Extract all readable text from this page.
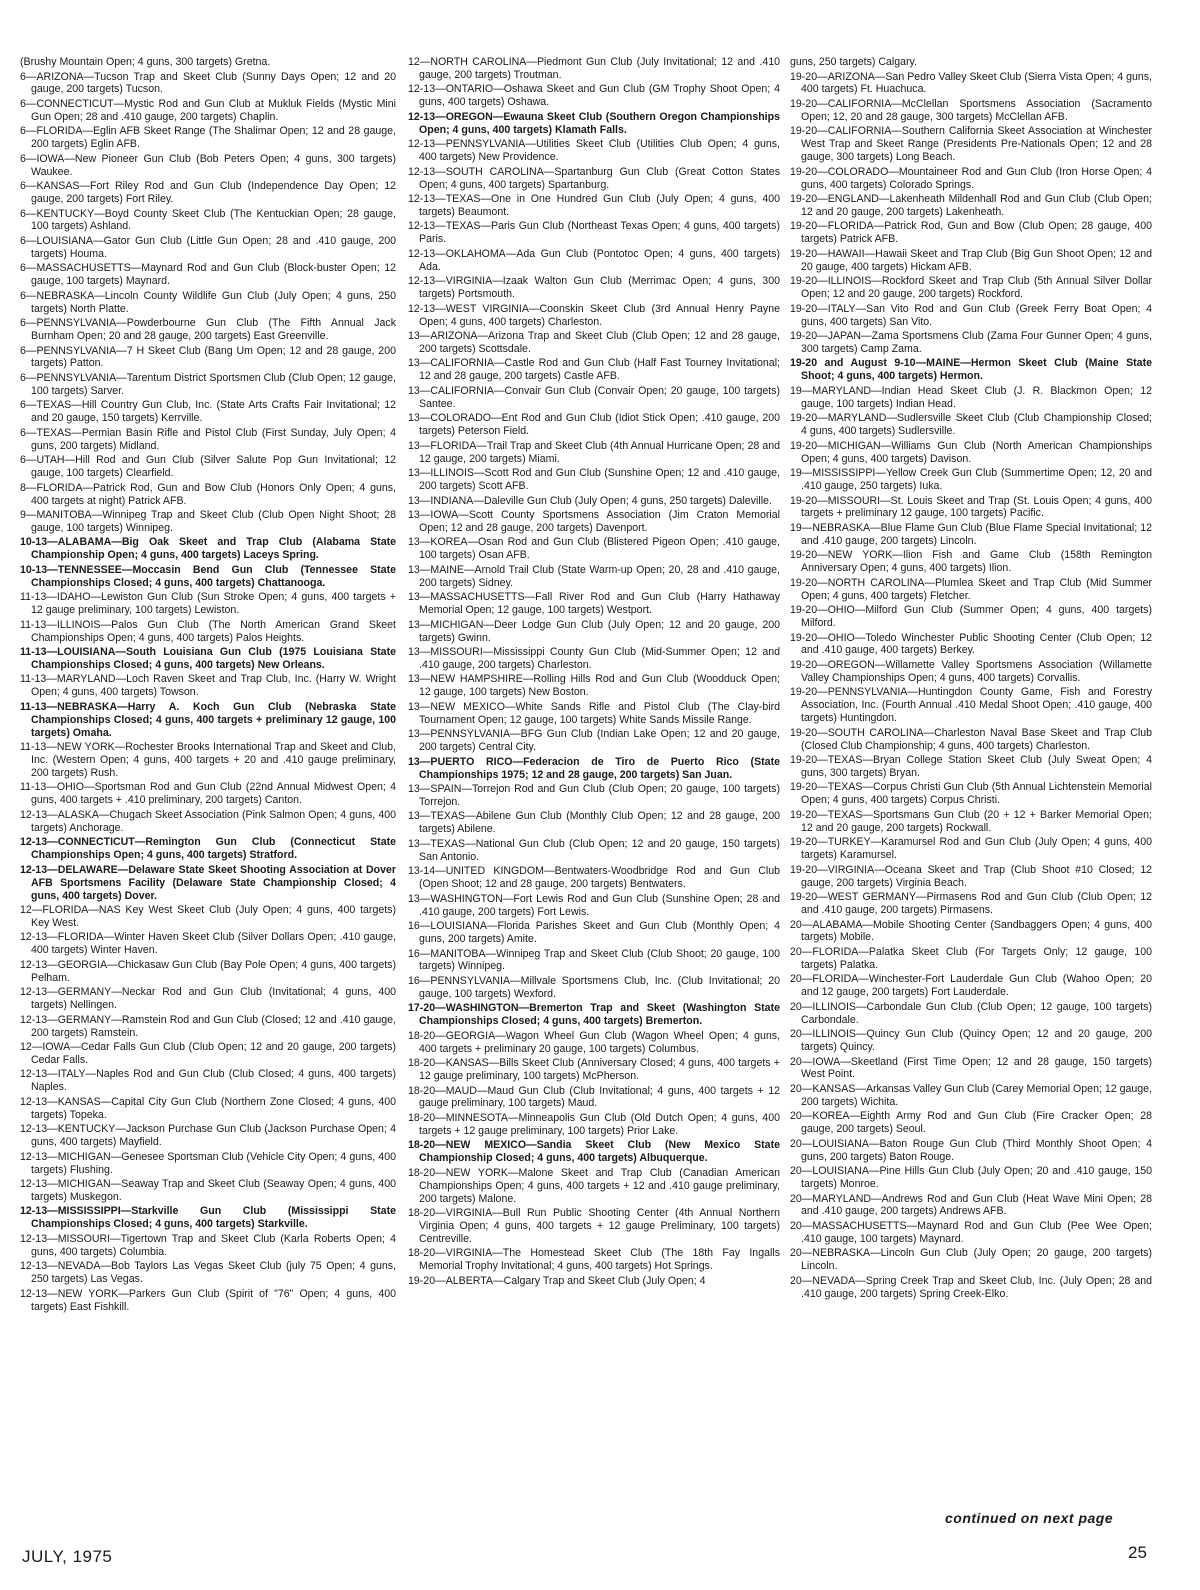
(Brushy Mountain Open; 4 guns, 300 targets) Gretna.

6—ARIZONA—Tucson Trap and Skeet Club (Sunny Days Open; 12 and 20 gauge, 200 targets) Tucson.

6—CONNECTICUT—Mystic Rod and Gun Club at Mukluk Fields (Mystic Mini Gun Open; 28 and .410 gauge, 200 targets) Chaplin.

6—FLORIDA—Eglin AFB Skeet Range (The Shalimar Open; 12 and 28 gauge, 200 targets) Eglin AFB.

6—IOWA—New Pioneer Gun Club (Bob Peters Open; 4 guns, 300 targets) Waukee.

6—KANSAS—Fort Riley Rod and Gun Club (Independence Day Open; 12 gauge, 200 targets) Fort Riley.

6—KENTUCKY—Boyd County Skeet Club (The Kentuckian Open; 28 gauge, 100 targets) Ashland.

6—LOUISIANA—Gator Gun Club (Little Gun Open; 28 and .410 gauge, 200 targets) Houma.

6—MASSACHUSETTS—Maynard Rod and Gun Club (Block-buster Open; 12 gauge, 100 targets) Maynard.

6—NEBRASKA—Lincoln County Wildlife Gun Club (July Open; 4 guns, 250 targets) North Platte.

6—PENNSYLVANIA—Powderbourne Gun Club (The Fifth Annual Jack Burnham Open; 20 and 28 gauge, 200 targets) East Greenville.

6—PENNSYLVANIA—7 H Skeet Club (Bang Um Open; 12 and 28 gauge, 200 targets) Patton.

6—PENNSYLVANIA—Tarentum District Sportsmen Club (Club Open; 12 gauge, 100 targets) Sarver.

6—TEXAS—Hill Country Gun Club, Inc. (State Arts Crafts Fair Invitational; 12 and 20 gauge, 150 targets) Kerrville.

6—TEXAS—Permian Basin Rifle and Pistol Club (First Sunday, July Open; 4 guns, 200 targets) Midland.

6—UTAH—Hill Rod and Gun Club (Silver Salute Pop Gun Invitational; 12 gauge, 100 targets) Clearfield.

8—FLORIDA—Patrick Rod, Gun and Bow Club (Honors Only Open; 4 guns, 400 targets at night) Patrick AFB.

9—MANITOBA—Winnipeg Trap and Skeet Club (Club Open Night Shoot; 28 gauge, 100 targets) Winnipeg.

10-13—ALABAMA—Big Oak Skeet and Trap Club (Alabama State Championship Open; 4 guns, 400 targets) Laceys Spring.

10-13—TENNESSEE—Moccasin Bend Gun Club (Tennessee State Championships Closed; 4 guns, 400 targets) Chattanooga.

11-13—IDAHO—Lewiston Gun Club (Sun Stroke Open; 4 guns, 400 targets + 12 gauge preliminary, 100 targets) Lewiston.

11-13—ILLINOIS—Palos Gun Club (The North American Grand Skeet Championships Open; 4 guns, 400 targets) Palos Heights.

11-13—LOUISIANA—South Louisiana Gun Club (1975 Louisiana State Championships Closed; 4 guns, 400 targets) New Orleans.

11-13—MARYLAND—Loch Raven Skeet and Trap Club, Inc. (Harry W. Wright Open; 4 guns, 400 targets) Towson.

11-13—NEBRASKA—Harry A. Koch Gun Club (Nebraska State Championships Closed; 4 guns, 400 targets + preliminary 12 gauge, 100 targets) Omaha.

11-13—NEW YORK—Rochester Brooks International Trap and Skeet and Club, Inc. (Western Open; 4 guns, 400 targets + 20 and .410 gauge preliminary, 200 targets) Rush.

11-13—OHIO—Sportsman Rod and Gun Club (22nd Annual Midwest Open; 4 guns, 400 targets + .410 preliminary, 200 targets) Canton.

12-13—ALASKA—Chugach Skeet Association (Pink Salmon Open; 4 guns, 400 targets) Anchorage.

12-13—CONNECTICUT—Remington Gun Club (Connecticut State Championships Open; 4 guns, 400 targets) Stratford.

12-13—DELAWARE—Delaware State Skeet Shooting Association at Dover AFB Sportsmens Facility (Delaware State Championship Closed; 4 guns, 400 targets) Dover.

12—FLORIDA—NAS Key West Skeet Club (July Open; 4 guns, 400 targets) Key West.

12-13—FLORIDA—Winter Haven Skeet Club (Silver Dollars Open; .410 gauge, 400 targets) Winter Haven.

12-13—GEORGIA—Chickasaw Gun Club (Bay Pole Open; 4 guns, 400 targets) Pelham.

12-13—GERMANY—Neckar Rod and Gun Club (Invitational; 4 guns, 400 targets) Nellingen.

12-13—GERMANY—Ramstein Rod and Gun Club (Closed; 12 and .410 gauge, 200 targets) Ramstein.

12—IOWA—Cedar Falls Gun Club (Club Open; 12 and 20 gauge, 200 targets) Cedar Falls.

12-13—ITALY—Naples Rod and Gun Club (Club Closed; 4 guns, 400 targets) Naples.

12-13—KANSAS—Capital City Gun Club (Northern Zone Closed; 4 guns, 400 targets) Topeka.

12-13—KENTUCKY—Jackson Purchase Gun Club (Jackson Purchase Open; 4 guns, 400 targets) Mayfield.

12-13—MICHIGAN—Genesee Sportsman Club (Vehicle City Open; 4 guns, 400 targets) Flushing.

12-13—MICHIGAN—Seaway Trap and Skeet Club (Seaway Open; 4 guns, 400 targets) Muskegon.

12-13—MISSISSIPPI—Starkville Gun Club (Mississippi State Championships Closed; 4 guns, 400 targets) Starkville.

12-13—MISSOURI—Tigertown Trap and Skeet Club (Karla Roberts Open; 4 guns, 400 targets) Columbia.

12-13—NEVADA—Bob Taylors Las Vegas Skeet Club (july 75 Open; 4 guns, 250 targets) Las Vegas.

12-13—NEW YORK—Parkers Gun Club (Spirit of "76" Open; 4 guns, 400 targets) East Fishkill.

12—NORTH CAROLINA—Piedmont Gun Club (July Invitational; 12 and .410 gauge, 200 targets) Troutman.

12-13—ONTARIO—Oshawa Skeet and Gun Club (GM Trophy Shoot Open; 4 guns, 400 targets) Oshawa.

12-13—OREGON—Ewauna Skeet Club (Southern Oregon Championships Open; 4 guns, 400 targets) Klamath Falls.

12-13—PENNSYLVANIA—Utilities Skeet Club (Utilities Club Open; 4 guns, 400 targets) New Providence.

12-13—SOUTH CAROLINA—Spartanburg Gun Club (Great Cotton States Open; 4 guns, 400 targets) Spartanburg.

12-13—TEXAS—One in One Hundred Gun Club (July Open; 4 guns, 400 targets) Beaumont.

12-13—TEXAS—Paris Gun Club (Northeast Texas Open; 4 guns, 400 targets) Paris.

12-13—OKLAHOMA—Ada Gun Club (Pontotoc Open; 4 guns, 400 targets) Ada.

12-13—VIRGINIA—Izaak Walton Gun Club (Merrimac Open; 4 guns, 300 targets) Portsmouth.

12-13—WEST VIRGINIA—Coonskin Skeet Club (3rd Annual Henry Payne Open; 4 guns, 400 targets) Charleston.

13—ARIZONA—Arizona Trap and Skeet Club (Club Open; 12 and 28 gauge, 200 targets) Scottsdale.

13—CALIFORNIA—Castle Rod and Gun Club (Half Fast Tourney Invitational; 12 and 28 gauge, 200 targets) Castle AFB.

13—CALIFORNIA—Convair Gun Club (Convair Open; 20 gauge, 100 targets) Santee.

13—COLORADO—Ent Rod and Gun Club (Idiot Stick Open; .410 gauge, 200 targets) Peterson Field.

13—FLORIDA—Trail Trap and Skeet Club (4th Annual Hurricane Open; 28 and 12 gauge, 200 targets) Miami.

13—ILLINOIS—Scott Rod and Gun Club (Sunshine Open; 12 and .410 gauge, 200 targets) Scott AFB.

13—INDIANA—Daleville Gun Club (July Open; 4 guns, 250 targets) Daleville.

13—IOWA—Scott County Sportsmens Association (Jim Craton Memorial Open; 12 and 28 gauge, 200 targets) Davenport.

13—KOREA—Osan Rod and Gun Club (Blistered Pigeon Open; .410 gauge, 100 targets) Osan AFB.

13—MAINE—Arnold Trail Club (State Warm-up Open; 20, 28 and .410 gauge, 200 targets) Sidney.

13—MASSACHUSETTS—Fall River Rod and Gun Club (Harry Hathaway Memorial Open; 12 gauge, 100 targets) Westport.

13—MICHIGAN—Deer Lodge Gun Club (July Open; 12 and 20 gauge, 200 targets) Gwinn.

13—MISSOURI—Mississippi County Gun Club (Mid-Summer Open; 12 and .410 gauge, 200 targets) Charleston.

13—NEW HAMPSHIRE—Rolling Hills Rod and Gun Club (Woodduck Open; 12 gauge, 100 targets) New Boston.

13—NEW MEXICO—White Sands Rifle and Pistol Club (The Clay-bird Tournament Open; 12 gauge, 100 targets) White Sands Missile Range.

13—PENNSYLVANIA—BFG Gun Club (Indian Lake Open; 12 and 20 gauge, 200 targets) Central City.

13—PUERTO RICO—Federacion de Tiro de Puerto Rico (State Championships 1975; 12 and 28 gauge, 200 targets) San Juan.

13—SPAIN—Torrejon Rod and Gun Club (Club Open; 20 gauge, 100 targets) Torrejon.

13—TEXAS—Abilene Gun Club (Monthly Club Open; 12 and 28 gauge, 200 targets) Abilene.

13—TEXAS—National Gun Club (Club Open; 12 and 20 gauge, 150 targets) San Antonio.

13-14—UNITED KINGDOM—Bentwaters-Woodbridge Rod and Gun Club (Open Shoot; 12 and 28 gauge, 200 targets) Bentwaters.

13—WASHINGTON—Fort Lewis Rod and Gun Club (Sunshine Open; 28 and .410 gauge, 200 targets) Fort Lewis.

16—LOUISIANA—Florida Parishes Skeet and Gun Club (Monthly Open; 4 guns, 200 targets) Amite.

16—MANITOBA—Winnipeg Trap and Skeet Club (Club Shoot; 20 gauge, 100 targets) Winnipeg.

16—PENNSYLVANIA—Millvale Sportsmens Club, Inc. (Club Invitational; 20 gauge, 100 targets) Wexford.

17-20—WASHINGTON—Bremerton Trap and Skeet (Washington State Championships Closed; 4 guns, 400 targets) Bremerton.

18-20—GEORGIA—Wagon Wheel Gun Club (Wagon Wheel Open; 4 guns, 400 targets + preliminary 20 gauge, 100 targets) Columbus.

18-20—KANSAS—Bills Skeet Club (Anniversary Closed; 4 guns, 400 targets + 12 gauge preliminary, 100 targets) McPherson.

18-20—MAUD—Maud Gun Club (Club Invitational; 4 guns, 400 targets + 12 gauge preliminary, 100 targets) Maud.

18-20—MINNESOTA—Minneapolis Gun Club (Old Dutch Open; 4 guns, 400 targets + 12 gauge preliminary, 100 targets) Prior Lake.

18-20—NEW MEXICO—Sandia Skeet Club (New Mexico State Championship Closed; 4 guns, 400 targets) Albuquerque.

18-20—NEW YORK—Malone Skeet and Trap Club (Canadian American Championships Open; 4 guns, 400 targets + 12 and .410 gauge preliminary, 200 targets) Malone.

18-20—VIRGINIA—Bull Run Public Shooting Center (4th Annual Northern Virginia Open; 4 guns, 400 targets + 12 gauge Preliminary, 100 targets) Centreville.

18-20—VIRGINIA—The Homestead Skeet Club (The 18th Fay Ingalls Memorial Trophy Invitational; 4 guns, 400 targets) Hot Springs.

19-20—ALBERTA—Calgary Trap and Skeet Club (July Open; 4

guns, 250 targets) Calgary.

19-20—ARIZONA—San Pedro Valley Skeet Club (Sierra Vista Open; 4 guns, 400 targets) Ft. Huachuca.

19-20—CALIFORNIA—McClellan Sportsmens Association (Sacramento Open; 12, 20 and 28 gauge, 300 targets) McClellan AFB.

19-20—CALIFORNIA—Southern California Skeet Association at Winchester West Trap and Skeet Range (Presidents Pre-Nationals Open; 12 and 28 gauge, 300 targets) Long Beach.

19-20—COLORADO—Mountaineer Rod and Gun Club (Iron Horse Open; 4 guns, 400 targets) Colorado Springs.

19-20—ENGLAND—Lakenheath Mildenhall Rod and Gun Club (Club Open; 12 and 20 gauge, 200 targets) Lakenheath.

19-20—FLORIDA—Patrick Rod, Gun and Bow (Club Open; 28 gauge, 400 targets) Patrick AFB.

19-20—HAWAII—Hawaii Skeet and Trap Club (Big Gun Shoot Open; 12 and 20 gauge, 400 targets) Hickam AFB.

19-20—ILLINOIS—Rockford Skeet and Trap Club (5th Annual Silver Dollar Open; 12 and 20 gauge, 200 targets) Rockford.

19-20—ITALY—San Vito Rod and Gun Club (Greek Ferry Boat Open; 4 guns, 400 targets) San Vito.

19-20—JAPAN—Zama Sportsmens Club (Zama Four Gunner Open; 4 guns, 300 targets) Camp Zama.

19-20 and August 9-10—MAINE—Hermon Skeet Club (Maine State Shoot; 4 guns, 400 targets) Hermon.

19—MARYLAND—Indian Head Skeet Club (J. R. Blackmon Open; 12 gauge, 100 targets) Indian Head.

19-20—MARYLAND—Sudlersville Skeet Club (Club Championship Closed; 4 guns, 400 targets) Sudlersville.

19-20—MICHIGAN—Williams Gun Club (North American Championships Open; 4 guns, 400 targets) Davison.

19—MISSISSIPPI—Yellow Creek Gun Club (Summertime Open; 12, 20 and .410 gauge, 250 targets) Iuka.

19-20—MISSOURI—St. Louis Skeet and Trap (St. Louis Open; 4 guns, 400 targets + preliminary 12 gauge, 100 targets) Pacific.

19—NEBRASKA—Blue Flame Gun Club (Blue Flame Special Invitational; 12 and .410 gauge, 200 targets) Lincoln.

19-20—NEW YORK—Ilion Fish and Game Club (158th Remington Anniversary Open; 4 guns, 400 targets) Ilion.

19-20—NORTH CAROLINA—Plumlea Skeet and Trap Club (Mid Summer Open; 4 guns, 400 targets) Fletcher.

19-20—OHIO—Milford Gun Club (Summer Open; 4 guns, 400 targets) Milford.

19-20—OHIO—Toledo Winchester Public Shooting Center (Club Open; 12 and .410 gauge, 400 targets) Berkey.

19-20—OREGON—Willamette Valley Sportsmens Association (Willamette Valley Championships Open; 4 guns, 400 targets) Corvallis.

19-20—PENNSYLVANIA—Huntingdon County Game, Fish and Forestry Association, Inc. (Fourth Annual .410 Medal Shoot Open; .410 gauge, 400 targets) Huntingdon.

19-20—SOUTH CAROLINA—Charleston Naval Base Skeet and Trap Club (Closed Club Championship; 4 guns, 400 targets) Charleston.

19-20—TEXAS—Bryan College Station Skeet Club (July Sweat Open; 4 guns, 300 targets) Bryan.

19-20—TEXAS—Corpus Christi Gun Club (5th Annual Lichtenstein Memorial Open; 4 guns, 400 targets) Corpus Christi.

19-20—TEXAS—Sportsmans Gun Club (20 + 12 + Barker Memorial Open; 12 and 20 gauge, 200 targets) Rockwall.

19-20—TURKEY—Karamursel Rod and Gun Club (July Open; 4 guns, 400 targets) Karamursel.

19-20—VIRGINIA—Oceana Skeet and Trap (Club Shoot #10 Closed; 12 gauge, 200 targets) Virginia Beach.

19-20—WEST GERMANY—Pirmasens Rod and Gun Club (Club Open; 12 and .410 gauge, 200 targets) Pirmasens.

20—ALABAMA—Mobile Shooting Center (Sandbaggers Open; 4 guns, 400 targets) Mobile.

20—FLORIDA—Palatka Skeet Club (For Targets Only; 12 gauge, 100 targets) Palatka.

20—FLORIDA—Winchester-Fort Lauderdale Gun Club (Wahoo Open; 20 and 12 gauge, 200 targets) Fort Lauderdale.

20—ILLINOIS—Carbondale Gun Club (Club Open; 12 gauge, 100 targets) Carbondale.

20—ILLINOIS—Quincy Gun Club (Quincy Open; 12 and 20 gauge, 200 targets) Quincy.

20—IOWA—Skeetland (First Time Open; 12 and 28 gauge, 150 targets) West Point.

20—KANSAS—Arkansas Valley Gun Club (Carey Memorial Open; 12 gauge, 200 targets) Wichita.

20—KOREA—Eighth Army Rod and Gun Club (Fire Cracker Open; 28 gauge, 200 targets) Seoul.

20—LOUISIANA—Baton Rouge Gun Club (Third Monthly Shoot Open; 4 guns, 200 targets) Baton Rouge.

20—LOUISIANA—Pine Hills Gun Club (July Open; 20 and .410 gauge, 150 targets) Monroe.

20—MARYLAND—Andrews Rod and Gun Club (Heat Wave Mini Open; 28 and .410 gauge, 200 targets) Andrews AFB.

20—MASSACHUSETTS—Maynard Rod and Gun Club (Pee Wee Open; .410 gauge, 100 targets) Maynard.

20—NEBRASKA—Lincoln Gun Club (July Open; 20 gauge, 200 targets) Lincoln.

20—NEVADA—Spring Creek Trap and Skeet Club, Inc. (July Open; 28 and .410 gauge, 200 targets) Spring Creek-Elko.

continued on next page
JULY, 1975	25
